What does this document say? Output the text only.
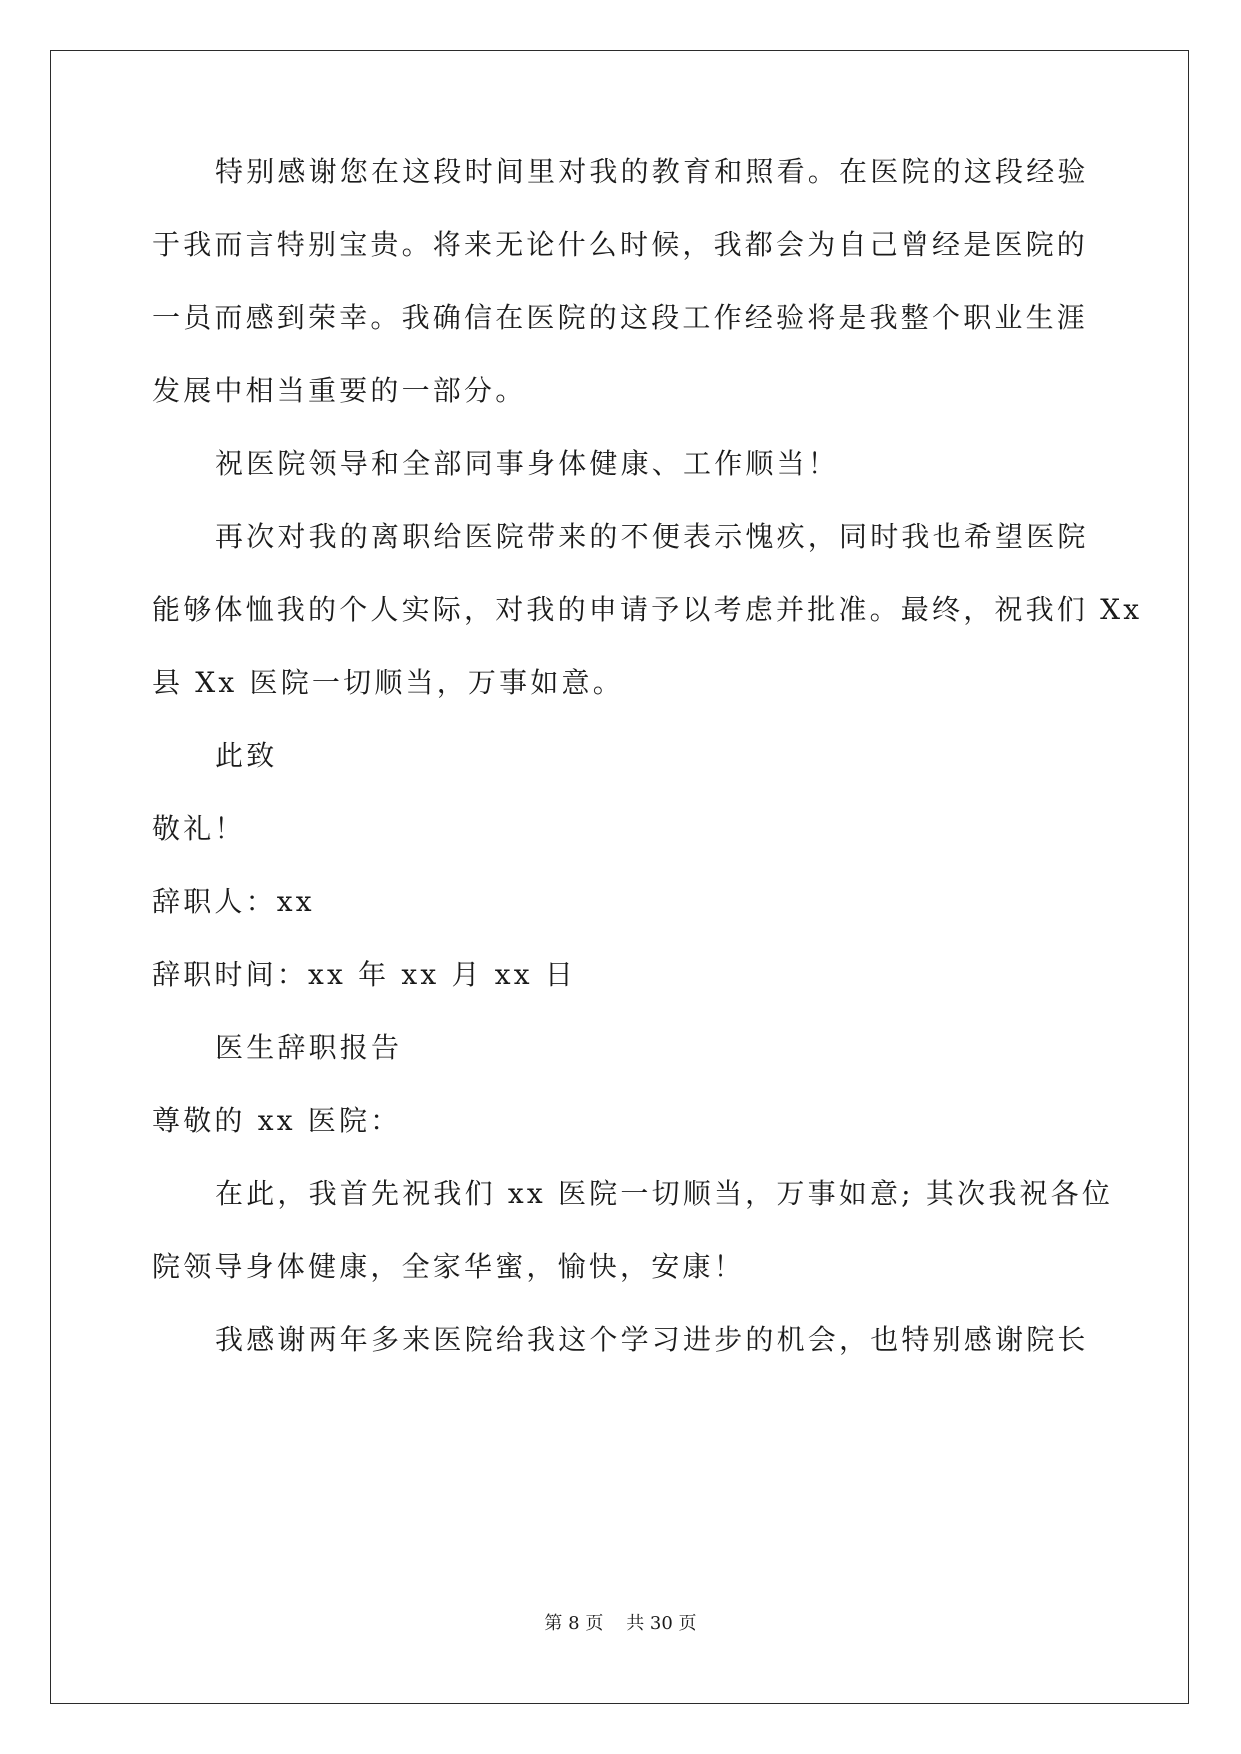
特别感谢您在这段时间里对我的教育和照看。在医院的这段经验
于我而言特别宝贵。将来无论什么时候，我都会为自己曾经是医院的
一员而感到荣幸。我确信在医院的这段工作经验将是我整个职业生涯
发展中相当重要的一部分。
祝医院领导和全部同事身体健康、工作顺当！
再次对我的离职给医院带来的不便表示愧疚，同时我也希望医院
能够体恤我的个人实际，对我的申请予以考虑并批准。最终，祝我们 Xx
县 Xx 医院一切顺当，万事如意。
此致
敬礼！
辞职人：xx
辞职时间：xx 年 xx 月 xx 日
医生辞职报告
尊敬的 xx 医院：
在此，我首先祝我们 xx 医院一切顺当，万事如意; 其次我祝各位
院领导身体健康，全家华蜜，愉快，安康！
我感谢两年多来医院给我这个学习进步的机会，也特别感谢院长
第 8 页    共 30 页
